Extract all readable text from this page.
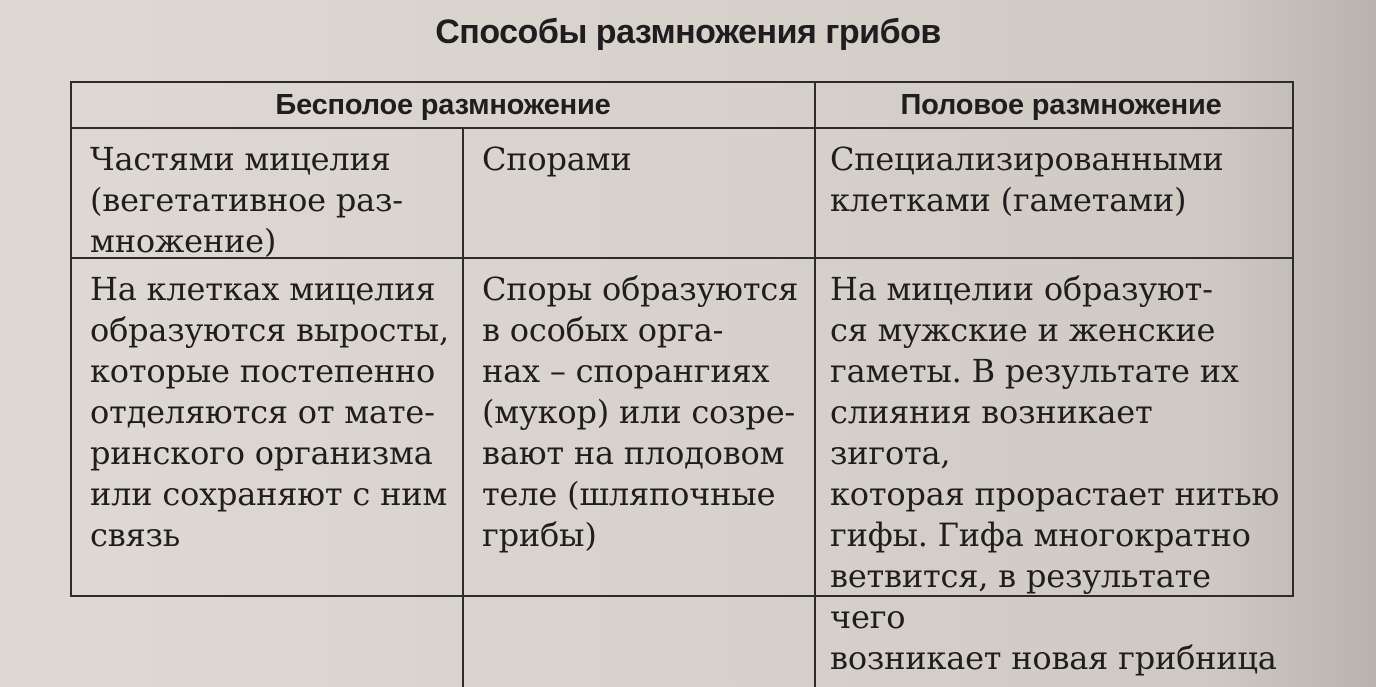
Способы размножения грибов
Бесполое размножение	Половое размножение
Частями мицелия
(вегетативное раз-
множение)
Спорами	Специализированными
клетками (гаметами)
На клетках мицелия
образуются выросты,
которые постепенно
отделяются от мате-
ринского организма
или сохраняют с ним
связь
Споры образуются
в особых орга-
нах – спорангиях
(мукор) или созре-
вают на плодовом
теле (шляпочные
грибы)
На мицелии образуют-
ся мужские и женские
гаметы. В результате их
слияния возникает зигота,
которая прорастает нитью
гифы. Гифа многократно
ветвится, в результате чего
возникает новая грибница
